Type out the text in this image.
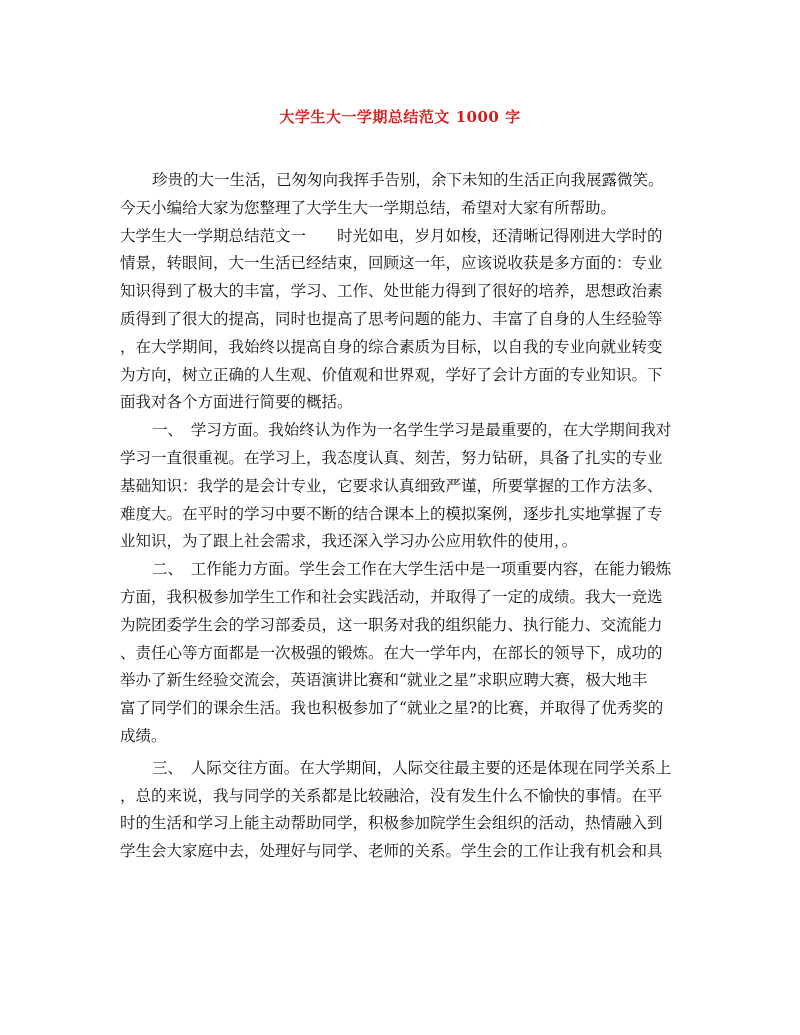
大学生大一学期总结范文 1000 字
珍贵的大一生活，已匆匆向我挥手告别，余下未知的生活正向我展露微笑。
今天小编给大家为您整理了大学生大一学期总结，希望对大家有所帮助。
大学生大一学期总结范文一　　时光如电，岁月如梭，还清晰记得刚进大学时的
情景，转眼间，大一生活已经结束，回顾这一年，应该说收获是多方面的：专业
知识得到了极大的丰富，学习、工作、处世能力得到了很好的培养，思想政治素
质得到了很大的提高，同时也提高了思考问题的能力、丰富了自身的人生经验等
，在大学期间，我始终以提高自身的综合素质为目标，以自我的专业向就业转变
为方向，树立正确的人生观、价值观和世界观，学好了会计方面的专业知识。下
面我对各个方面进行简要的概括。
一、　学习方面。我始终认为作为一名学生学习是最重要的，在大学期间我对
学习一直很重视。在学习上，我态度认真、刻苦，努力钻研，具备了扎实的专业
基础知识：我学的是会计专业，它要求认真细致严谨，所要掌握的工作方法多、
难度大。在平时的学习中要不断的结合课本上的模拟案例，逐步扎实地掌握了专
业知识，为了跟上社会需求，我还深入学习办公应用软件的使用，。
二、　工作能力方面。学生会工作在大学生活中是一项重要内容，在能力锻炼
方面，我积极参加学生工作和社会实践活动，并取得了一定的成绩。我大一竞选
为院团委学生会的学习部委员，这一职务对我的组织能力、执行能力、交流能力
、责任心等方面都是一次极强的锻炼。在大一学年内，在部长的领导下，成功的
举办了新生经验交流会，英语演讲比赛和“就业之星”求职应聘大赛，极大地丰
富了同学们的课余生活。我也积极参加了“就业之星?的比赛，并取得了优秀奖的
成绩。
三、　人际交往方面。在大学期间，人际交往最主要的还是体现在同学关系上
，总的来说，我与同学的关系都是比较融洽，没有发生什么不愉快的事情。在平
时的生活和学习上能主动帮助同学，积极参加院学生会组织的活动，热情融入到
学生会大家庭中去，处理好与同学、老师的关系。学生会的工作让我有机会和具
